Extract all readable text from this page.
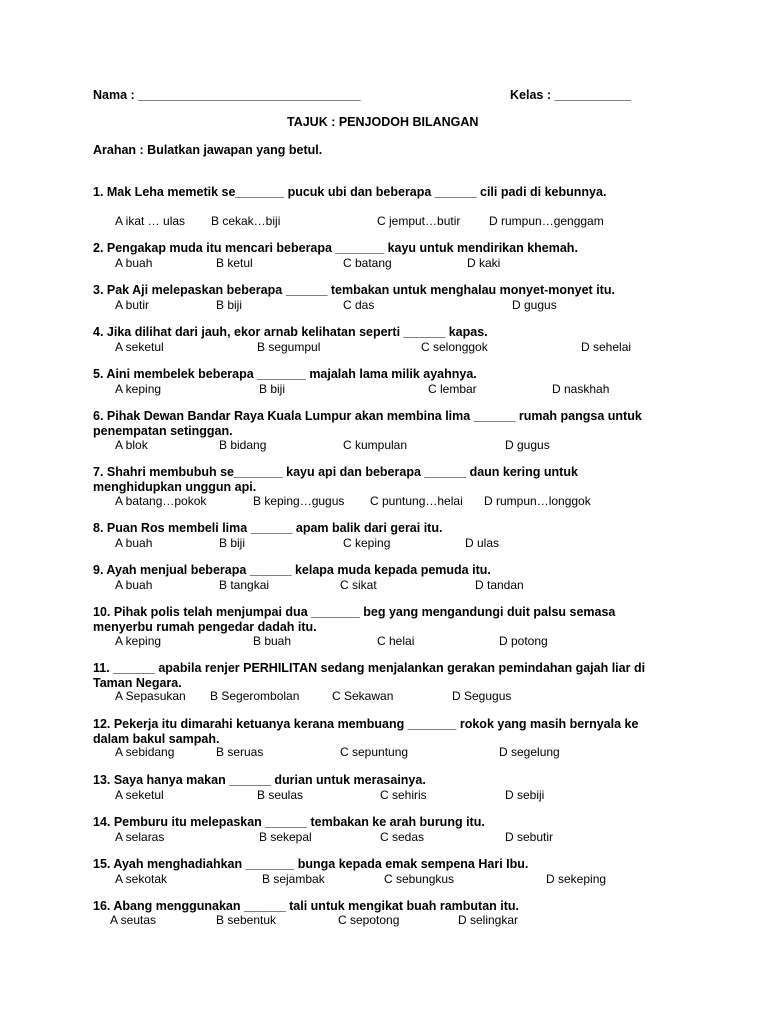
Nama : ________________________________	Kelas : ___________
TAJUK : PENJODOH BILANGAN
Arahan : Bulatkan jawapan yang betul.
1. Mak Leha memetik se_______ pucuk ubi dan beberapa ______ cili padi di kebunnya.
A ikat … ulas B cekak…biji	C jemput…butir D rumpun…genggam
2. Pengakap muda itu mencari beberapa _______ kayu untuk mendirikan khemah.
A buah	B ketul	C batang	D kaki
3. Pak Aji melepaskan beberapa ______ tembakan untuk menghalau monyet-monyet itu.
A butir	B biji	C das	D gugus
4. Jika dilihat dari jauh, ekor arnab kelihatan seperti ______ kapas.
A seketul	B segumpul	C selonggok	D sehelai
5. Aini membelek beberapa _______ majalah lama milik ayahnya.
A keping	B biji	C lembar	D naskhah
6. Pihak Dewan Bandar Raya Kuala Lumpur akan membina lima ______ rumah pangsa untuk
penempatan setinggan.
A blok	B bidang	C kumpulan	D gugus
7. Shahri membubuh se_______ kayu api dan beberapa ______ daun kering untuk
menghidupkan unggun api.
A batang…pokok	B keping…gugus C puntung…helai D rumpun…longgok
8. Puan Ros membeli lima ______ apam balik dari gerai itu.
A buah	B biji	C keping	D ulas
9. Ayah menjual beberapa ______ kelapa muda kepada pemuda itu.
A buah	B tangkai	C sikat	D tandan
10. Pihak polis telah menjumpai dua _______ beg yang mengandungi duit palsu semasa
menyerbu rumah pengedar dadah itu.
A keping	B buah	C helai	D potong
11. ______ apabila renjer PERHILITAN sedang menjalankan gerakan pemindahan gajah liar di
Taman Negara.
A Sepasukan B Segerombolan	C Sekawan	D Segugus
12. Pekerja itu dimarahi ketuanya kerana membuang _______ rokok yang masih bernyala ke
dalam bakul sampah.
A sebidang	B seruas	C sepuntung	D segelung
13. Saya hanya makan ______ durian untuk merasainya.
A seketul	B seulas	C sehiris	D sebiji
14. Pemburu itu melepaskan ______ tembakan ke arah burung itu.
A selaras	B sekepal	C sedas	D sebutir
15. Ayah menghadiahkan _______ bunga kepada emak sempena Hari Ibu.
A sekotak	B sejambak	C sebungkus	D sekeping
16. Abang menggunakan ______ tali untuk mengikat buah rambutan itu.
A seutas	B sebentuk	C sepotong	D selingkar
